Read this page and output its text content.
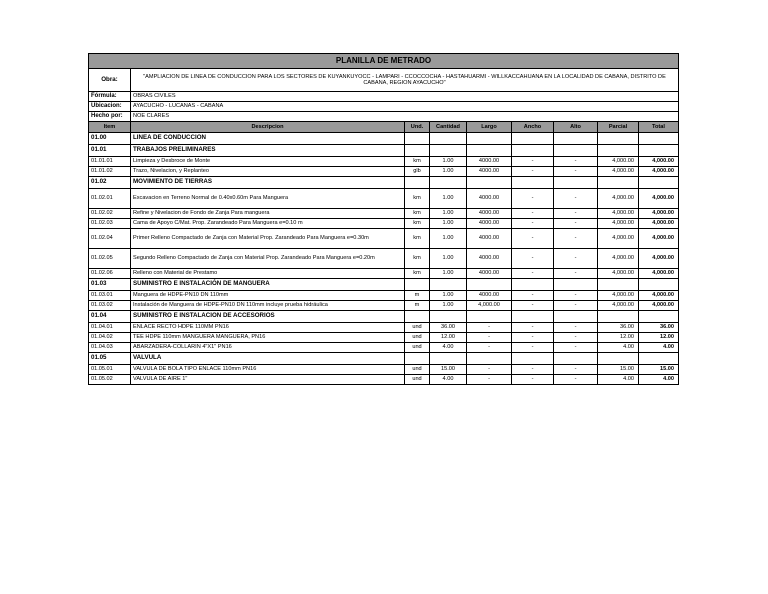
PLANILLA DE METRADO								
Obra:	"AMPLIACION DE LINEA DE CONDUCCION PARA LOS SECTORES DE KUYANKUYOCC - LAMPARI - CCOCCOCHA - HASTAHUARMI - WILLKACCAHUANA EN LA LOCALIDAD DE CABANA, DISTRITO DE CABANA, REGION AYACUCHO"							
Fórmula:	OBRAS CIVILES							
Ubicacion:	AYACUCHO - LUCANAS - CABANA							
Hecho por:	NOE CLARES							
Item	Descripcion	Und.	Cantidad	Largo	Ancho	Alto	Parcial	Total
01.00	LINEA DE CONDUCCION							
01.01	TRABAJOS PRELIMINARES							
01.01.01	Limpieza y Desbroce de Monte	km	1.00	4000.00	-	-	4,000.00	4,000.00
01.01.02	Trazo, Nivelacion, y Replanteo	glb	1.00	4000.00	-	-	4,000.00	4,000.00
01.02	MOVIMIENTO DE TIERRAS							
01.02.01	Excavacion en Terreno Normal de 0.40x0.60m Para Manguera	km	1.00	4000.00	-	-	4,000.00	4,000.00
01.02.02	Refine y Nivelacion de Fondo de Zanja Para manguera	km	1.00	4000.00	-	-	4,000.00	4,000.00
01.02.03	Cama de Apoyo C/Mat. Prop. Zarandeado Para Manguera e=0.10 m	km	1.00	4000.00	-	-	4,000.00	4,000.00
01.02.04	Primer Relleno Compactado de Zanja con Material Prop. Zarandeado Para Manguera e=0.30m	km	1.00	4000.00	-	-	4,000.00	4,000.00
01.02.05	Segundo Relleno Compactado de Zanja con Material Prop. Zarandeado Para Manguera e=0.20m	km	1.00	4000.00	-	-	4,000.00	4,000.00
01.02.06	Relleno con Material de Prestamo	km	1.00	4000.00	-	-	4,000.00	4,000.00
01.03	SUMINISTRO E INSTALACIÓN DE MANGUERA							
01.03.01	Manguera de HDPE-PN10 DN 110mm	m	1.00	4000.00	-	-	4,000.00	4,000.00
01.03.02	Instalación de Manguera de HDPE-PN10 DN 110mm incluye prueba hidráulica	m	1.00	4,000.00	-	-	4,000.00	4,000.00
01.04	SUMINISTRO E INSTALACION DE ACCESORIOS							
01.04.01	ENLACE RECTO HDPE 110MM PN16	und	36.00	-	-	-	36.00	36.00
01.04.02	TEE HDPE 110mm MANGUERA MANGUERA, PN16	und	12.00	-	-	-	12.00	12.00
01.04.03	ABARZADERA-COLLARIN 4"X1" PN16	und	4.00	-	-	-	4.00	4.00
01.05	VALVULA							
01.05.01	VALVULA DE BOLA TIPO ENLACE 110mm PN16	und	15.00	-	-	-	15.00	15.00
01.05.02	VALVULA DE AIRE 1"	und	4.00	-	-	-	4.00	4.00
